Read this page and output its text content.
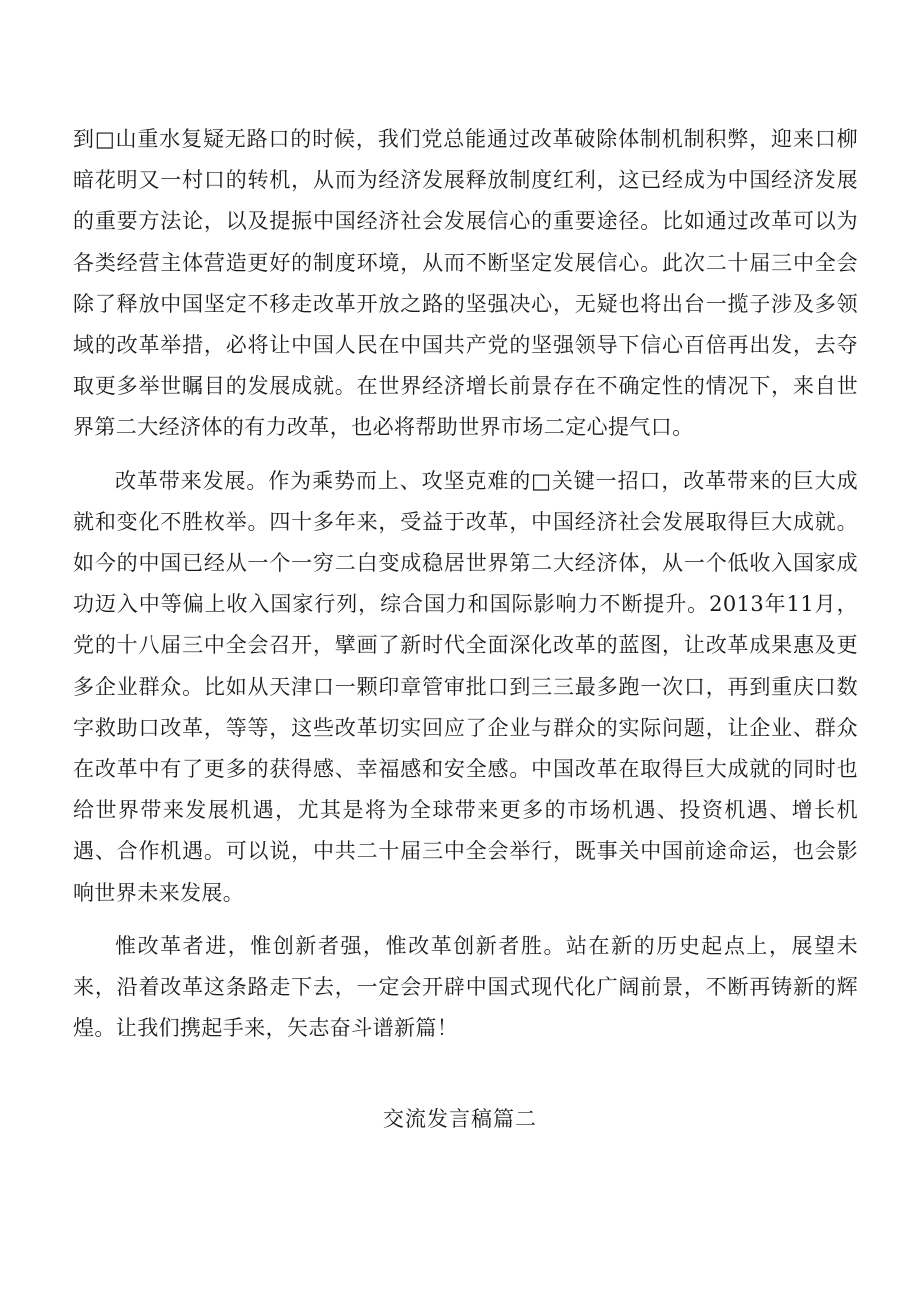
到□山重水复疑无路口的时候，我们党总能通过改革破除体制机制积弊，迎来口柳暗花明又一村口的转机，从而为经济发展释放制度红利，这已经成为中国经济发展的重要方法论，以及提振中国经济社会发展信心的重要途径。比如通过改革可以为各类经营主体营造更好的制度环境，从而不断坚定发展信心。此次二十届三中全会除了释放中国坚定不移走改革开放之路的坚强决心，无疑也将出台一揽子涉及多领域的改革举措，必将让中国人民在中国共产党的坚强领导下信心百倍再出发，去夺取更多举世瞩目的发展成就。在世界经济增长前景存在不确定性的情况下，来自世界第二大经济体的有力改革，也必将帮助世界市场二定心提气口。

改革带来发展。作为乘势而上、攻坚克难的□关键一招口，改革带来的巨大成就和变化不胜枚举。四十多年来，受益于改革，中国经济社会发展取得巨大成就。如今的中国已经从一个一穷二白变成稳居世界第二大经济体，从一个低收入国家成功迈入中等偏上收入国家行列，综合国力和国际影响力不断提升。2013年11月，党的十八届三中全会召开，擘画了新时代全面深化改革的蓝图，让改革成果惠及更多企业群众。比如从天津口一颗印章管审批口到三三最多跑一次口，再到重庆口数字救助口改革，等等，这些改革切实回应了企业与群众的实际问题，让企业、群众在改革中有了更多的获得感、幸福感和安全感。中国改革在取得巨大成就的同时也给世界带来发展机遇，尤其是将为全球带来更多的市场机遇、投资机遇、增长机遇、合作机遇。可以说，中共二十届三中全会举行，既事关中国前途命运，也会影响世界未来发展。

惟改革者进，惟创新者强，惟改革创新者胜。站在新的历史起点上，展望未来，沿着改革这条路走下去，一定会开辟中国式现代化广阔前景，不断再铸新的辉煌。让我们携起手来，矢志奋斗谱新篇！

交流发言稿篇二
